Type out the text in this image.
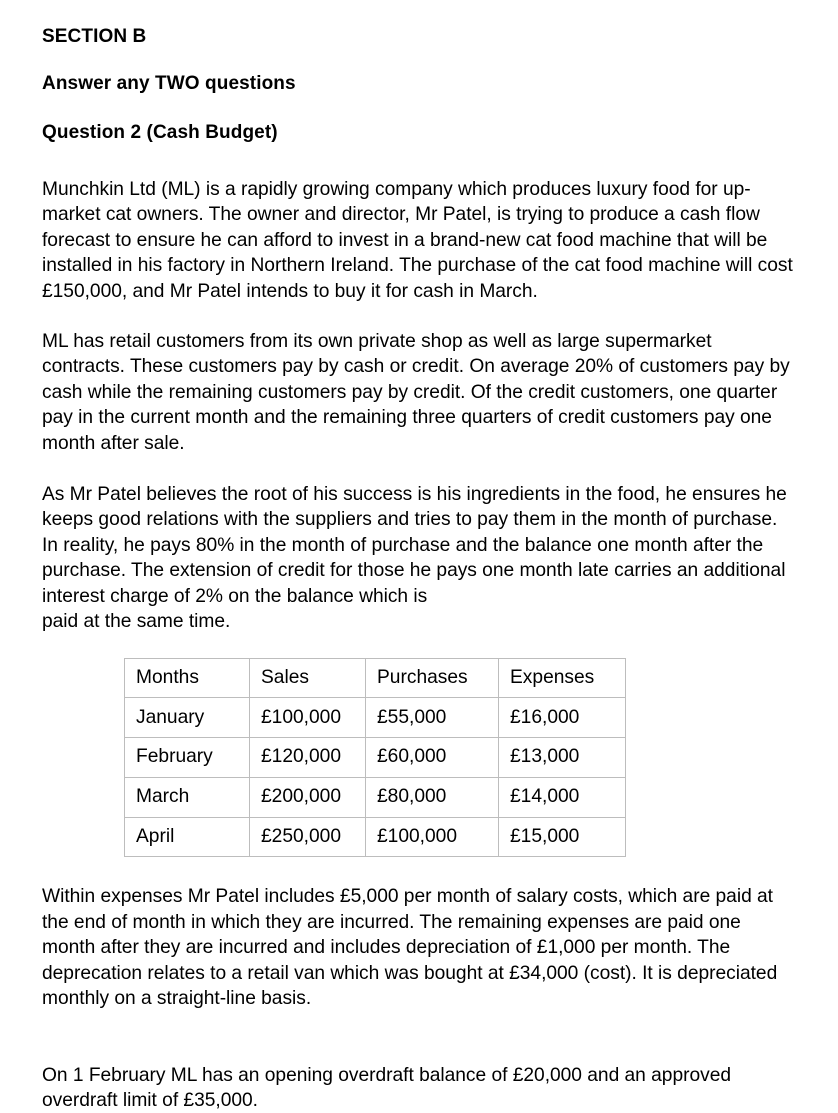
SECTION B
Answer any TWO questions
Question 2 (Cash Budget)

Munchkin Ltd (ML) is a rapidly growing company which produces luxury food for up-market cat owners. The owner and director, Mr Patel, is trying to produce a cash flow forecast to ensure he can afford to invest in a brand-new cat food machine that will be installed in his factory in Northern Ireland. The purchase of the cat food machine will cost £150,000, and Mr Patel intends to buy it for cash in March.

ML has retail customers from its own private shop as well as large supermarket contracts. These customers pay by cash or credit. On average 20% of customers pay by cash while the remaining customers pay by credit. Of the credit customers, one quarter pay in the current month and the remaining three quarters of credit customers pay one month after sale.

As Mr Patel believes the root of his success is his ingredients in the food, he ensures he keeps good relations with the suppliers and tries to pay them in the month of purchase. In reality, he pays 80% in the month of purchase and the balance one month after the purchase. The extension of credit for those he pays one month late carries an additional interest charge of 2% on the balance which is
paid at the same time.

Months	Sales	Purchases	Expenses
January	£100,000	£55,000	£16,000
February	£120,000	£60,000	£13,000
March	£200,000	£80,000	£14,000
April	£250,000	£100,000	£15,000

Within expenses Mr Patel includes £5,000 per month of salary costs, which are paid at the end of month in which they are incurred. The remaining expenses are paid one month after they are incurred and includes depreciation of £1,000 per month. The deprecation relates to a retail van which was bought at £34,000 (cost). It is depreciated monthly on a straight-line basis.

On 1 February ML has an opening overdraft balance of £20,000 and an approved overdraft limit of £35,000.
